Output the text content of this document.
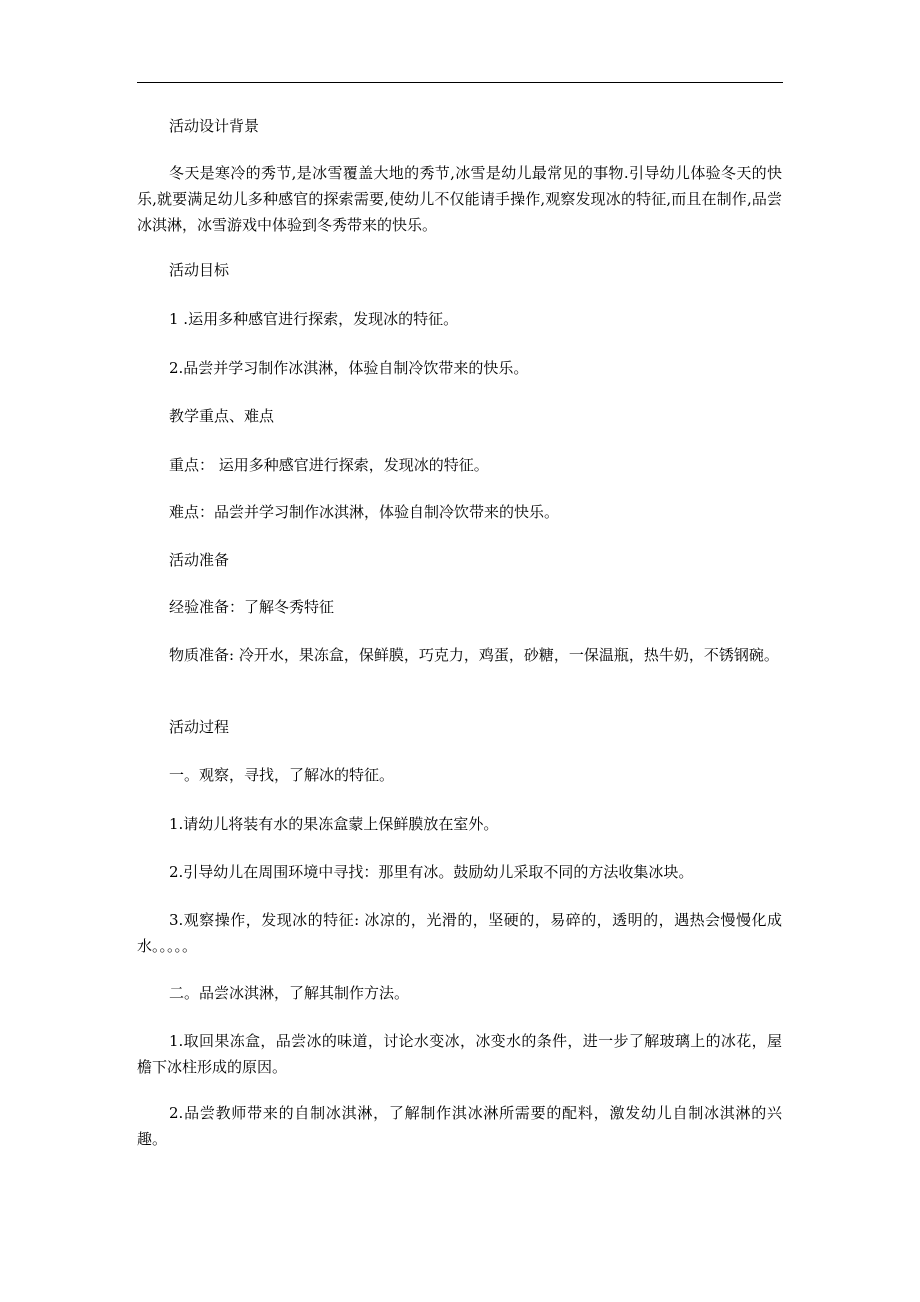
活动设计背景

冬天是寒冷的秀节,是冰雪覆盖大地的秀节,冰雪是幼儿最常见的事物.引导幼儿体验冬天的快乐,就要满足幼儿多种感官的探索需要,使幼儿不仅能请手操作,观察发现冰的特征,而且在制作,品尝冰淇淋，冰雪游戏中体验到冬秀带来的快乐。

活动目标

1 .运用多种感官进行探索，发现冰的特征。

2.品尝并学习制作冰淇淋，体验自制冷饮带来的快乐。

教学重点、难点

重点： 运用多种感官进行探索，发现冰的特征。

难点：品尝并学习制作冰淇淋，体验自制冷饮带来的快乐。

活动准备

经验准备：了解冬秀特征

物质准备: 冷开水，果冻盒，保鲜膜，巧克力，鸡蛋，砂糖，一保温瓶，热牛奶，不锈钢碗。

活动过程

一。观察，寻找，了解冰的特征。

1.请幼儿将装有水的果冻盒蒙上保鲜膜放在室外。

2.引导幼儿在周围环境中寻找：那里有冰。鼓励幼儿采取不同的方法收集冰块。

3.观察操作，发现冰的特征: 冰凉的，光滑的，坚硬的，易碎的，透明的，遇热会慢慢化成水。。。。。

二。品尝冰淇淋，了解其制作方法。

1.取回果冻盒，品尝冰的味道，讨论水变冰，冰变水的条件，进一步了解玻璃上的冰花，屋檐下冰柱形成的原因。

2.品尝教师带来的自制冰淇淋，了解制作淇冰淋所需要的配料，激发幼儿自制冰淇淋的兴趣。
